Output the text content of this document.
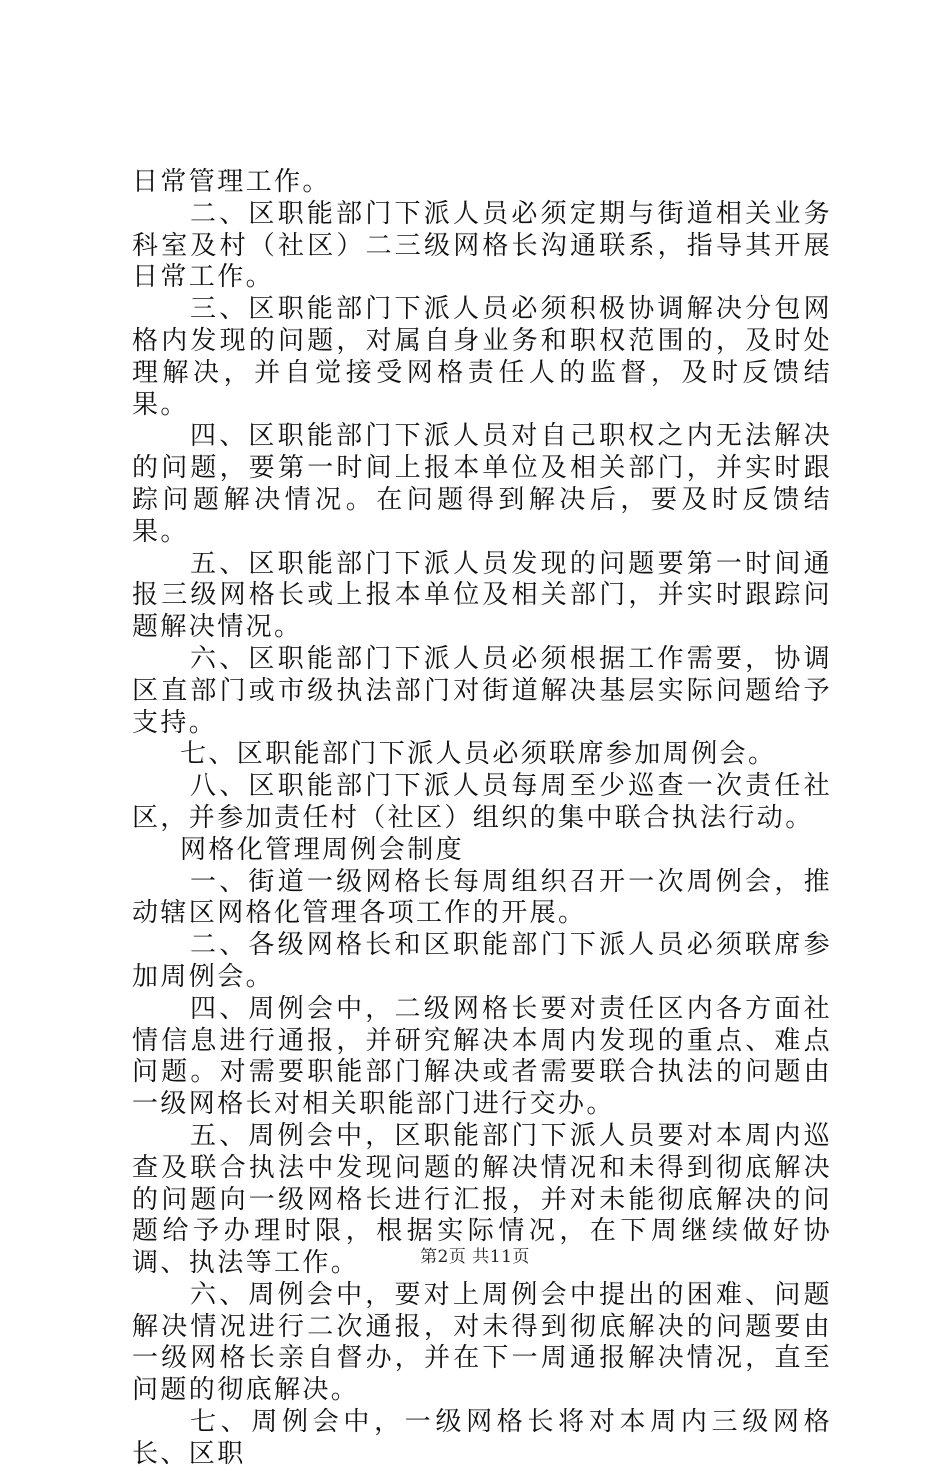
日常管理工作。

二、区职能部门下派人员必须定期与街道相关业务科室及村（社区）二三级网格长沟通联系，指导其开展日常工作。

三、区职能部门下派人员必须积极协调解决分包网格内发现的问题，对属自身业务和职权范围的，及时处理解决，并自觉接受网格责任人的监督，及时反馈结果。

四、区职能部门下派人员对自己职权之内无法解决的问题，要第一时间上报本单位及相关部门，并实时跟踪问题解决情况。在问题得到解决后，要及时反馈结果。

五、区职能部门下派人员发现的问题要第一时间通报三级网格长或上报本单位及相关部门，并实时跟踪问题解决情况。

六、区职能部门下派人员必须根据工作需要，协调区直部门或市级执法部门对街道解决基层实际问题给予支持。

七、区职能部门下派人员必须联席参加周例会。

八、区职能部门下派人员每周至少巡查一次责任社区，并参加责任村（社区）组织的集中联合执法行动。

网格化管理周例会制度

一、街道一级网格长每周组织召开一次周例会，推动辖区网格化管理各项工作的开展。

二、各级网格长和区职能部门下派人员必须联席参加周例会。

四、周例会中，二级网格长要对责任区内各方面社情信息进行通报，并研究解决本周内发现的重点、难点问题。对需要职能部门解决或者需要联合执法的问题由一级网格长对相关职能部门进行交办。

五、周例会中，区职能部门下派人员要对本周内巡查及联合执法中发现问题的解决情况和未得到彻底解决的问题向一级网格长进行汇报，并对未能彻底解决的问题给予办理时限，根据实际情况，在下周继续做好协调、执法等工作。

六、周例会中，要对上周例会中提出的困难、问题解决情况进行二次通报，对未得到彻底解决的问题要由一级网格长亲自督办，并在下一周通报解决情况，直至问题的彻底解决。

七、周例会中，一级网格长将对本周内三级网格长、区职

第2页 共11页
